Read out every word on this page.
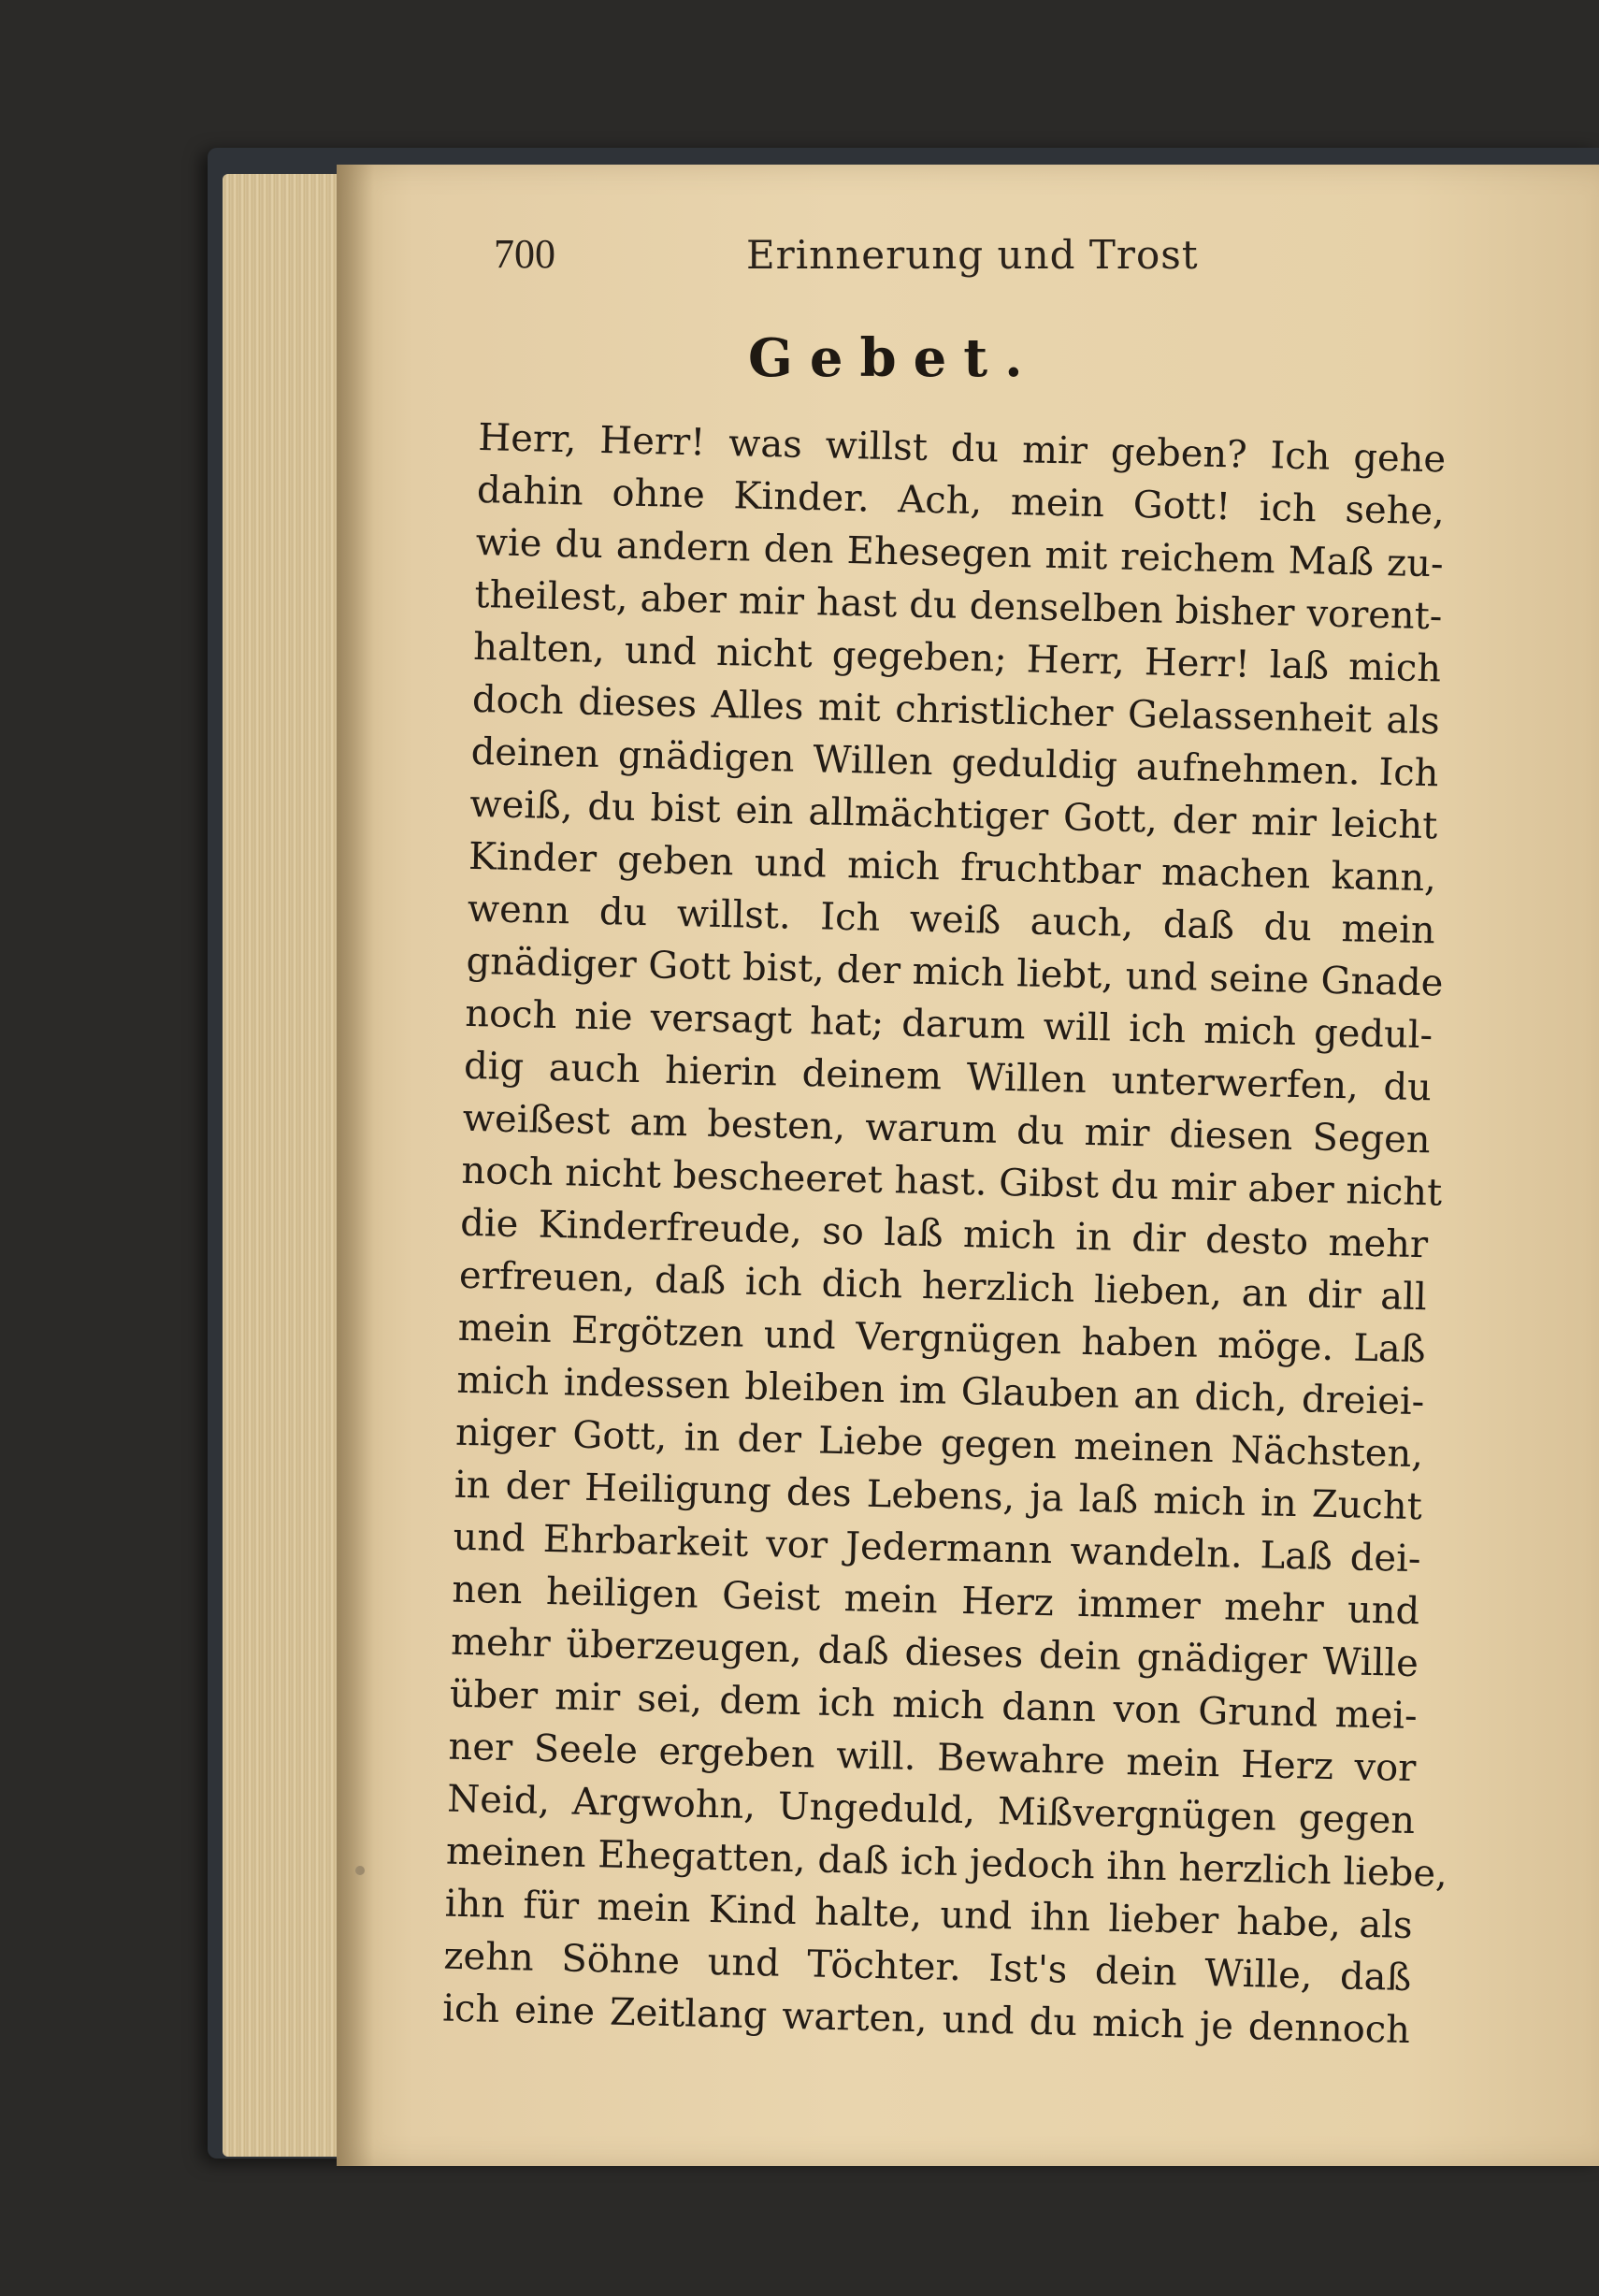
700	Erinnerung und Trost
Gebet.
Herr, Herr! was willst du mir geben? Ich gehe
dahin ohne Kinder. Ach, mein Gott! ich sehe,
wie du andern den Ehesegen mit reichem Maß zu-
theilest, aber mir hast du denselben bisher vorent-
halten, und nicht gegeben; Herr, Herr! laß mich
doch dieses Alles mit christlicher Gelassenheit als
deinen gnädigen Willen geduldig aufnehmen. Ich
weiß, du bist ein allmächtiger Gott, der mir leicht
Kinder geben und mich fruchtbar machen kann,
wenn du willst. Ich weiß auch, daß du mein
gnädiger Gott bist, der mich liebt, und seine Gnade
noch nie versagt hat; darum will ich mich gedul-
dig auch hierin deinem Willen unterwerfen, du
weißest am besten, warum du mir diesen Segen
noch nicht bescheeret hast. Gibst du mir aber nicht
die Kinderfreude, so laß mich in dir desto mehr
erfreuen, daß ich dich herzlich lieben, an dir all
mein Ergötzen und Vergnügen haben möge. Laß
mich indessen bleiben im Glauben an dich, dreiei-
niger Gott, in der Liebe gegen meinen Nächsten,
in der Heiligung des Lebens, ja laß mich in Zucht
und Ehrbarkeit vor Jedermann wandeln. Laß dei-
nen heiligen Geist mein Herz immer mehr und
mehr überzeugen, daß dieses dein gnädiger Wille
über mir sei, dem ich mich dann von Grund mei-
ner Seele ergeben will. Bewahre mein Herz vor
Neid, Argwohn, Ungeduld, Mißvergnügen gegen
meinen Ehegatten, daß ich jedoch ihn herzlich liebe,
ihn für mein Kind halte, und ihn lieber habe, als
zehn Söhne und Töchter. Ist's dein Wille, daß
ich eine Zeitlang warten, und du mich je dennoch
